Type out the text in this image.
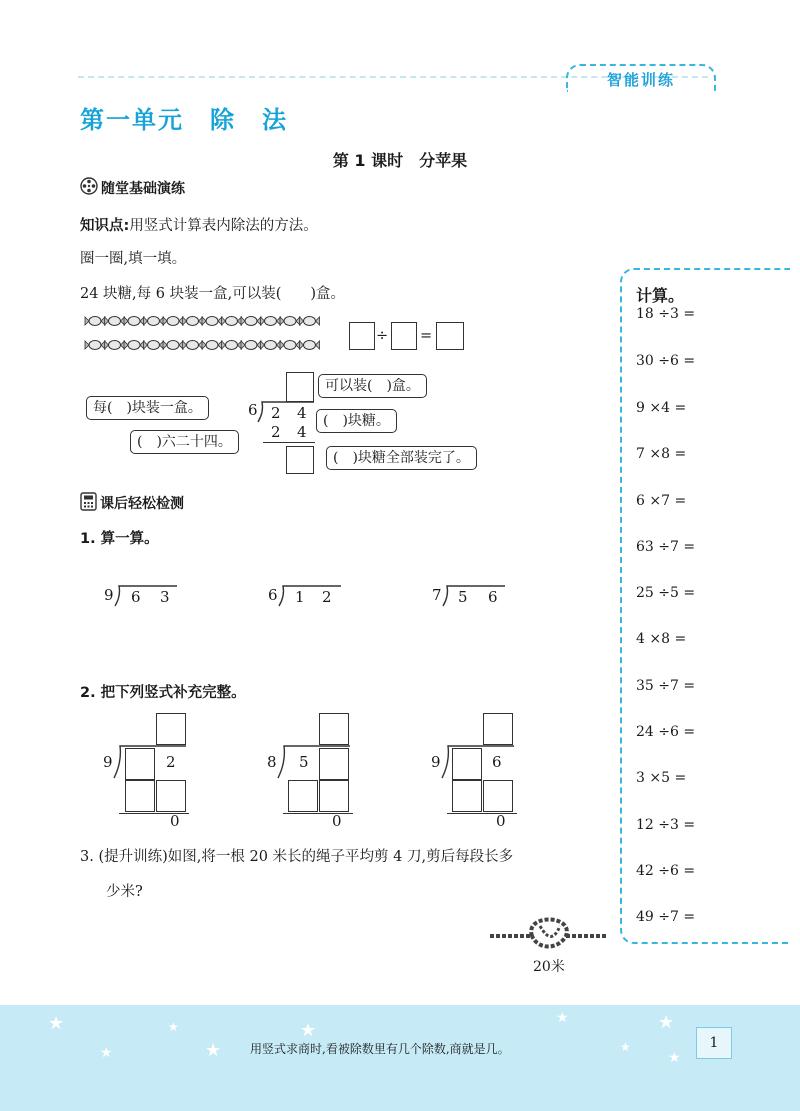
智能训练
第一单元　除　法
第 1 课时　分苹果
随堂基础演练
知识点:用竖式计算表内除法的方法。
圈一圈,填一填。
24 块糖,每 6 块装一盒,可以装(　　)盒。
÷ =
可以装(　)盒。
每(　)块装一盒。	6 2 4	(　)块糖。
2 4
(　)六二十四。
(　)块糖全部装完了。
课后轻松检测
1. 算一算。
9 6 3	6 1 2	7 5 6
2. 把下列竖式补充完整。
9	2
0
8 5
0
9	6
0
3. (提升训练)如图,将一根 20 米长的绳子平均剪 4 刀,剪后每段长多
少米?
20米
计算。
18 ÷3 =
30 ÷6 =
9 ×4 =
7 ×8 =
6 ×7 =
63 ÷7 =
25 ÷5 =
4 ×8 =
35 ÷7 =
24 ÷6 =
3 ×5 =
12 ÷3 =
42 ÷6 =
49 ÷7 =
★
★
★
★
★
★
★
★
★
用竖式求商时,看被除数里有几个除数,商就是几。	1
